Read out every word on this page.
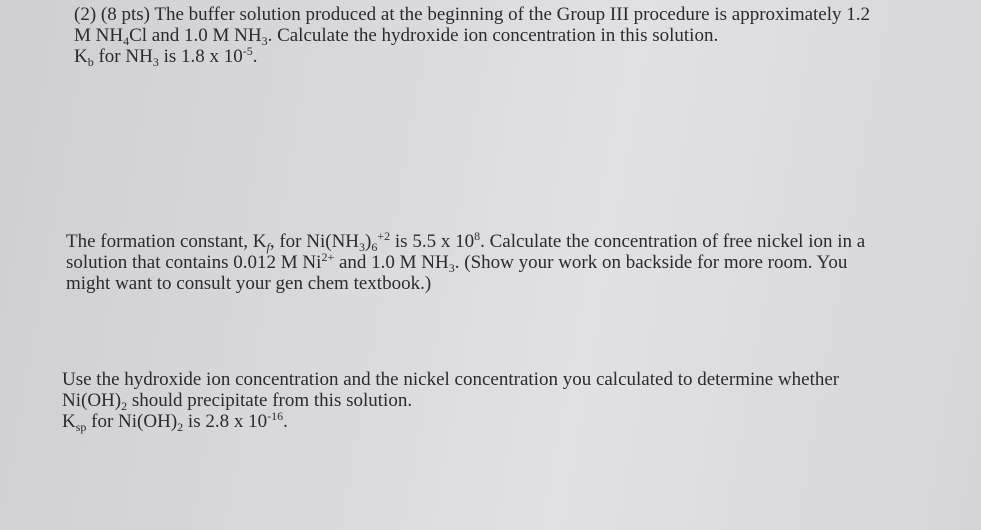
(2) (8 pts) The buffer solution produced at the beginning of the Group III procedure is approximately 1.2
M $NH_4Cl$ and 1.0 M $NH_3$. Calculate the hydroxide ion concentration in this solution.
$K_b$ for $NH_3$ is 1.8 x $10^{-5}$.
The formation constant, $K_f$, for $Ni(NH_3)_6^{+2}$ is 5.5 x $10^8$. Calculate the concentration of free nickel ion in a
solution that contains 0.012 M $Ni^{2+}$ and 1.0 M $NH_3$. (Show your work on backside for more room. You
might want to consult your gen chem textbook.)
Use the hydroxide ion concentration and the nickel concentration you calculated to determine whether
$Ni(OH)_2$ should precipitate from this solution.
$K_{sp}$ for $Ni(OH)_2$ is 2.8 x $10^{-16}$.
